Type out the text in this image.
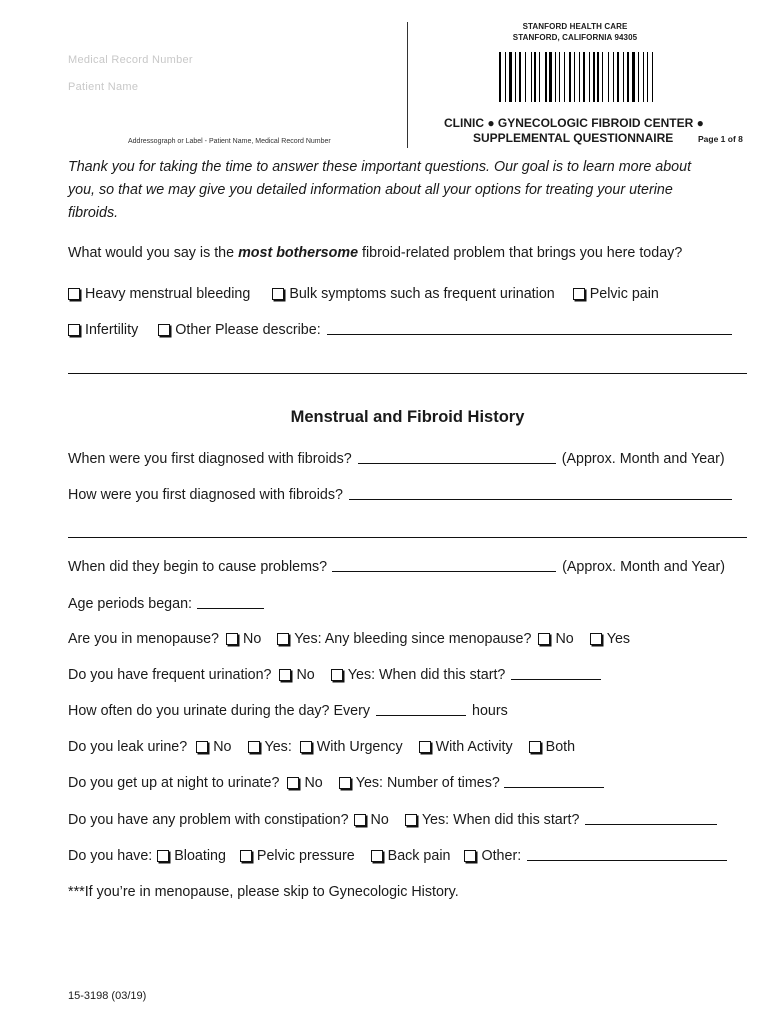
STANFORD HEALTH CARE
STANFORD, CALIFORNIA 94305
Medical Record Number
Patient Name
Addressograph or Label - Patient Name, Medical Record Number
CLINIC ● GYNECOLOGIC FIBROID CENTER ●
SUPPLEMENTAL QUESTIONNAIRE	Page 1 of 8
Thank you for taking the time to answer these important questions. Our goal is to learn more about you, so that we may give you detailed information about all your options for treating your uterine fibroids.
What would you say is the most bothersome fibroid-related problem that brings you here today?
Heavy menstrual bleeding	Bulk symptoms such as frequent urination Pelvic pain
Infertility	Other Please describe:
Menstrual and Fibroid History
When were you first diagnosed with fibroids?	(Approx. Month and Year)
How were you first diagnosed with fibroids?
When did they begin to cause problems?	(Approx. Month and Year)
Age periods began:
Are you in menopause? No Yes: Any bleeding since menopause? No Yes
Do you have frequent urination? No Yes: When did this start?
How often do you urinate during the day? Every	hours
Do you leak urine? No Yes: With Urgency With Activity Both
Do you get up at night to urinate? No Yes: Number of times?
Do you have any problem with constipation? No Yes: When did this start?
Do you have: Bloating Pelvic pressure Back pain Other:
***If you’re in menopause, please skip to Gynecologic History.
15-3198 (03/19)
